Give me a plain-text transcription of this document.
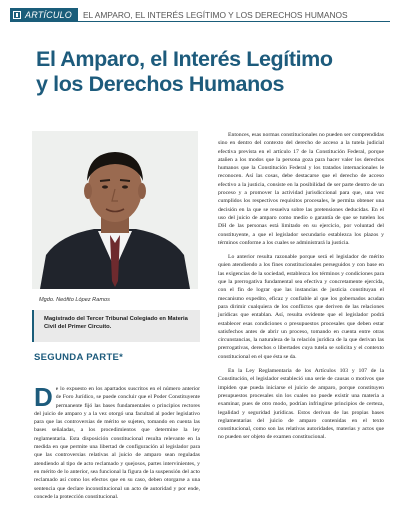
ARTÍCULO EL AMPARO, EL INTERÉS LEGÍTIMO Y LOS DERECHOS HUMANOS
El Amparo, el Interés Legítimo
y los Derechos Humanos
Mgdo. Neófito López Ramos
Magistrado del Tercer Tribunal Colegiado en Materia Civil del Primer Circuito.
SEGUNDA PARTE*

D e lo expuesto en los apartados suscritos en el número anterior de Foro Jurídico, se puede concluir que el Poder Constituyente permanente fijó las bases fundamentales o principios rectores del juicio de amparo y a la vez otorgó una facultad al poder legislativo para que las controversias de mérito se sujeten, tomando en cuenta las bases señaladas, a los procedimientos que determine la ley reglamentaria. Esta disposición constitucional resulta relevante en la medida en que permite una libertad de configuración al legislador para que las controversias relativas al juicio de amparo sean reguladas atendiendo al tipo de acto reclamado y quejosos, partes intervinientes, y en mérito de lo anterior, sea funcional la figura de la suspensión del acto reclamado así como los efectos que en su caso, deben otorgarse a una sentencia que declare inconstitucional un acto de autoridad y por ende, concede la protección constitucional.

Entonces, esas normas constitucionales no pueden ser comprendidas sino en dentro del contexto del derecho de acceso a la tutela judicial efectiva prevista en el artículo 17 de la Constitución Federal, porque atañen a los modos que la persona goza para hacer valer los derechos humanos que la Constitución Federal y los tratados internacionales le reconocen. Así las cosas, debe destacarse que el derecho de acceso efectivo a la justicia, consiste en la posibilidad de ser parte dentro de un proceso y a promover la actividad jurisdiccional para que, una vez cumplidos los respectivos requisitos procesales, le permita obtener una decisión en la que se resuelva sobre las pretensiones deducidas. En el uso del juicio de amparo como medio o garantía de que se tutelen los DH de las personas está limitado en su ejercicio, por voluntad del constituyente, a que el legislador secundario establezca los plazos y términos conforme a los cuales se administrará la justicia.

Lo anterior resulta razonable porque será el legislador de mérito quien atendiendo a los fines constitucionales perseguidos y con base en las exigencias de la sociedad, establezca los términos y condiciones para que la prerrogativa fundamental sea efectiva y concretamente ejercida, con el fin de lograr que las instancias de justicia constituyan el mecanismo expedito, eficaz y confiable al que los gobernados acudan para dirimir cualquiera de los conflictos que deriven de las relaciones jurídicas que entablan. Así, resulta evidente que el legislador podrá establecer esas condiciones o presupuestos procesales que deben estar satisfechos antes de abrir un proceso, tomando en cuenta entre otras circunstancias, la naturaleza de la relación jurídica de la que derivan las prerrogativas, derechos o libertades cuya tutela se solicita y el contexto constitucional en el que ésta se da.

En la Ley Reglamentaria de los Artículos 103 y 107 de la Constitución, el legislador estableció una serie de causas o motivos que impiden que pueda iniciarse el juicio de amparo, porque constituyen presupuestos procesales sin los cuales no puede existir una materia a examinar, pues de otro modo, podrían infringirse principios de certeza, legalidad y seguridad jurídicas. Estos derivan de las propias bases reglamentarias del juicio de amparo contenidas en el texto constitucional, como son las relativas autoridades, materias y actos que no pueden ser objeto de examen constitucional.
